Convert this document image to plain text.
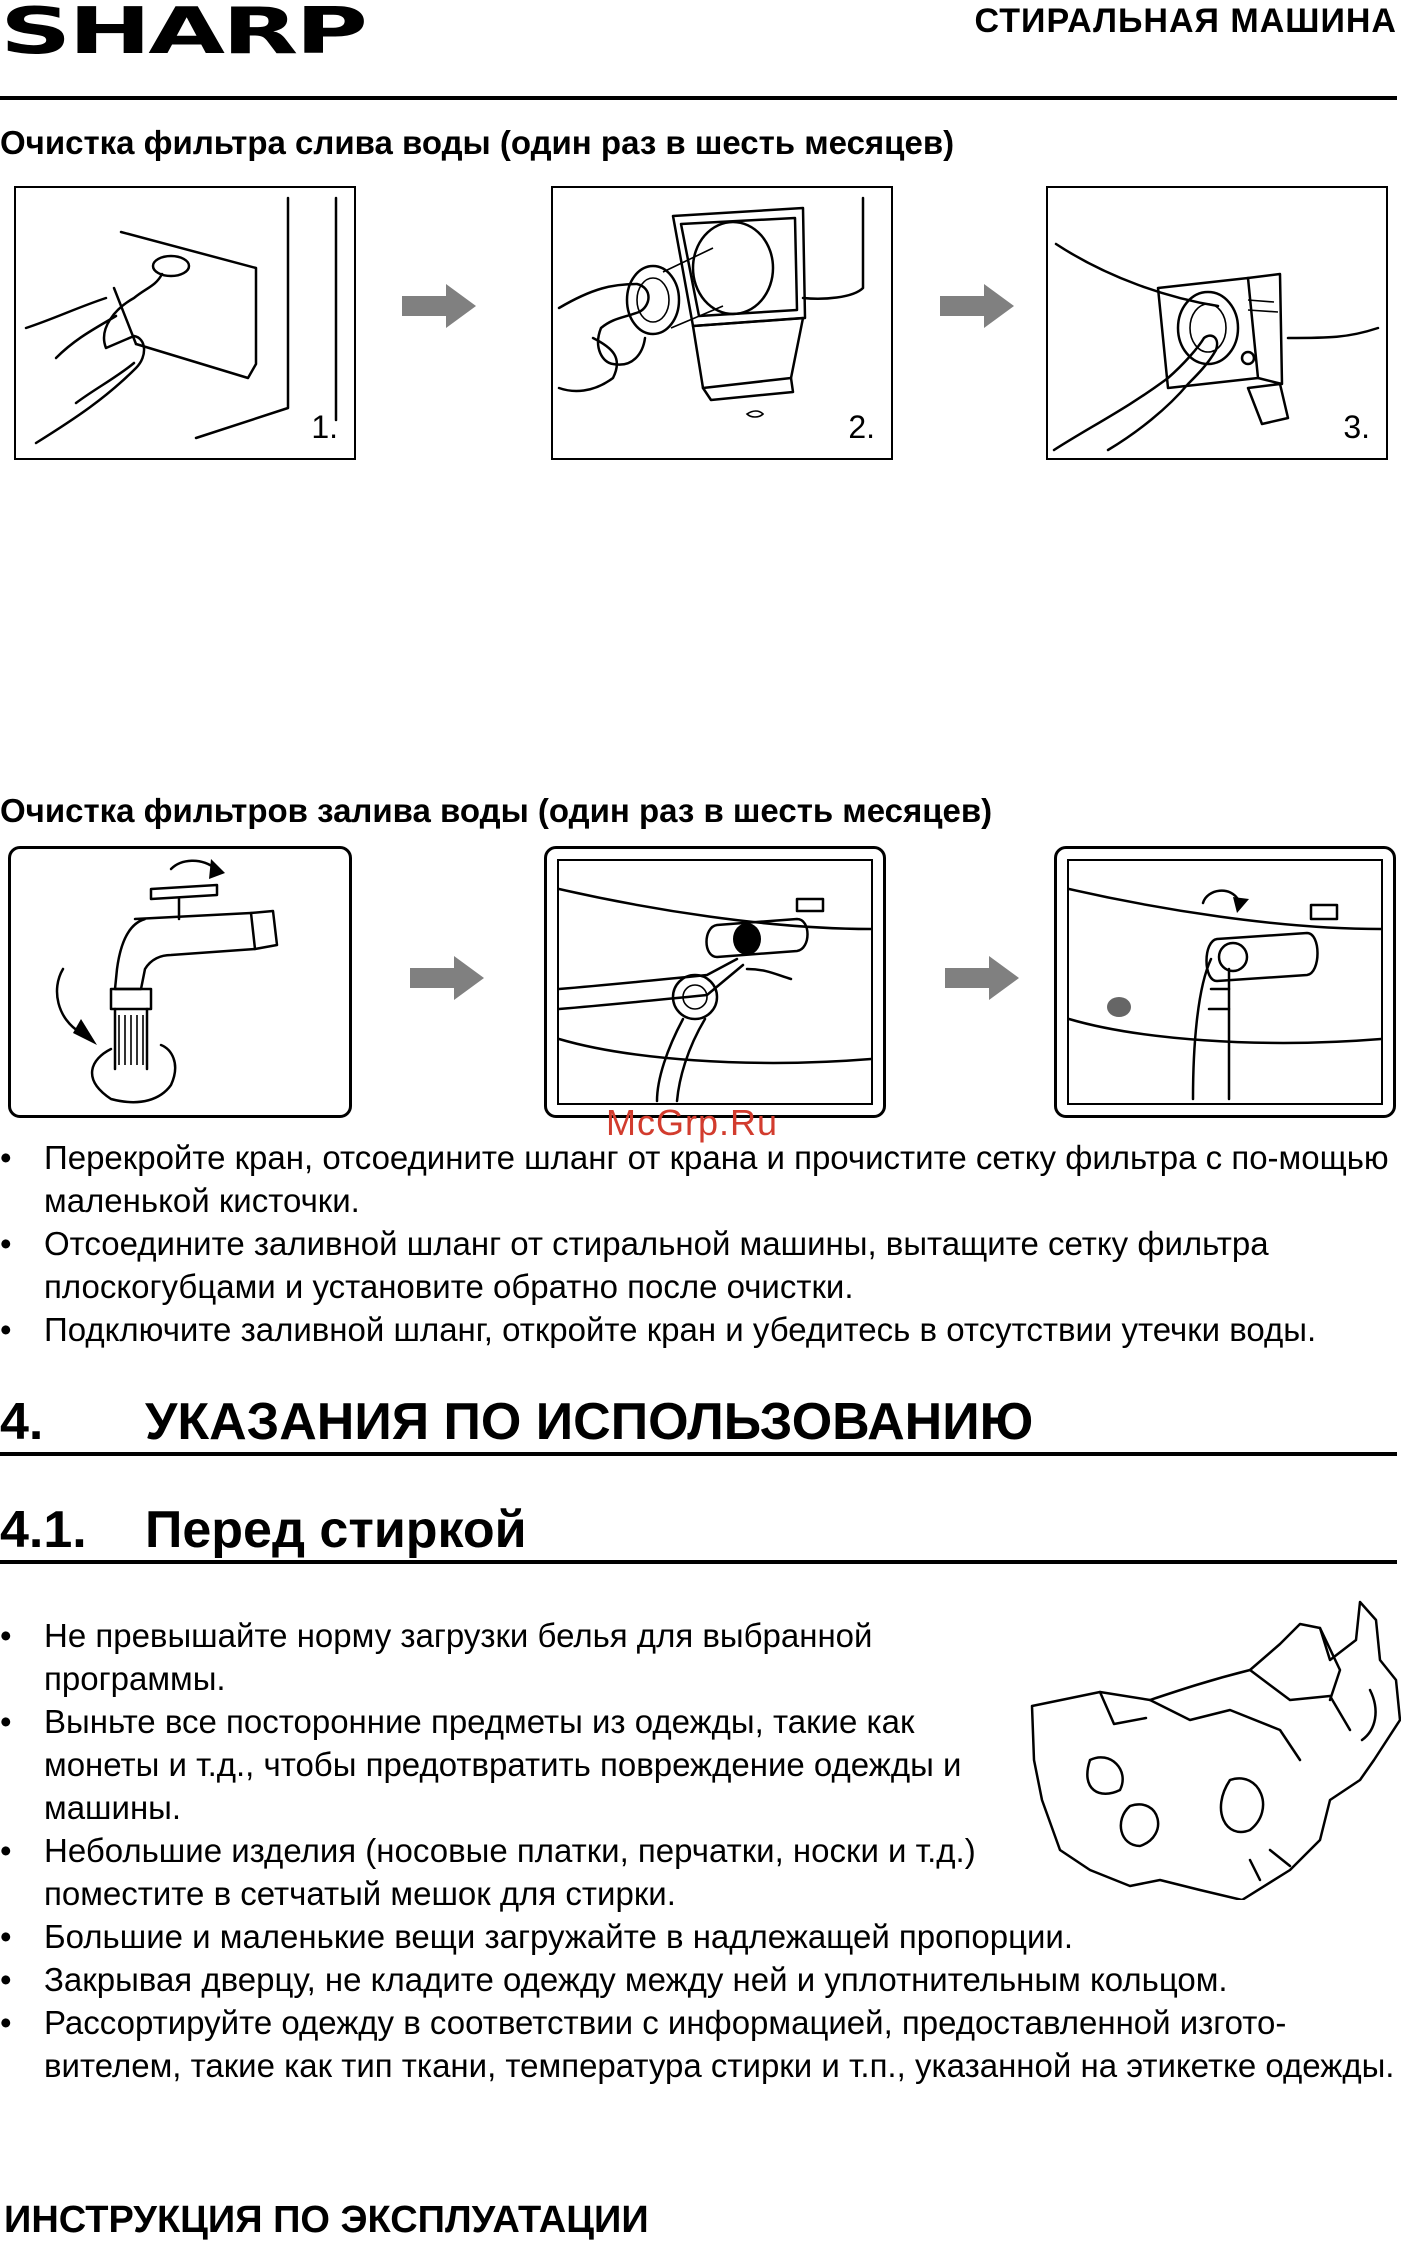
SHARP	СТИРАЛЬНАЯ МАШИНА
Очистка фильтра слива воды (один раз в шесть месяцев)
1.	2.	3.
Очистка фильтров залива воды (один раз в шесть месяцев)
McGrp.Ru
• Перекройте кран, отсоедините шланг от крана и прочистите сетку фильтра с по-мощью маленькой кисточки.
• Отсоедините заливной шланг от стиральной машины, вытащите сетку фильтра плоскогубцами и установите обратно после очистки.
• Подключите заливной шланг, откройте кран и убедитесь в отсутствии утечки воды.
4. УКАЗАНИЯ ПО ИСПОЛЬЗОВАНИЮ
4.1. Перед стиркой
• Не превышайте норму загрузки белья для выбранной программы.
• Выньте все посторонние предметы из одежды, такие как монеты и т.д., чтобы предотвратить повреждение одежды и машины.
• Небольшие изделия (носовые платки, перчатки, носки и т.д.) поместите в сетчатый мешок для стирки.
• Большие и маленькие вещи загружайте в надлежащей пропорции.
• Закрывая дверцу, не кладите одежду между ней и уплотнительным кольцом.
• Рассортируйте одежду в соответствии с информацией, предоставленной изгото-вителем, такие как тип ткани, температура стирки и т.п., указанной на этикетке одежды.
ИНСТРУКЦИЯ ПО ЭКСПЛУАТАЦИИ
